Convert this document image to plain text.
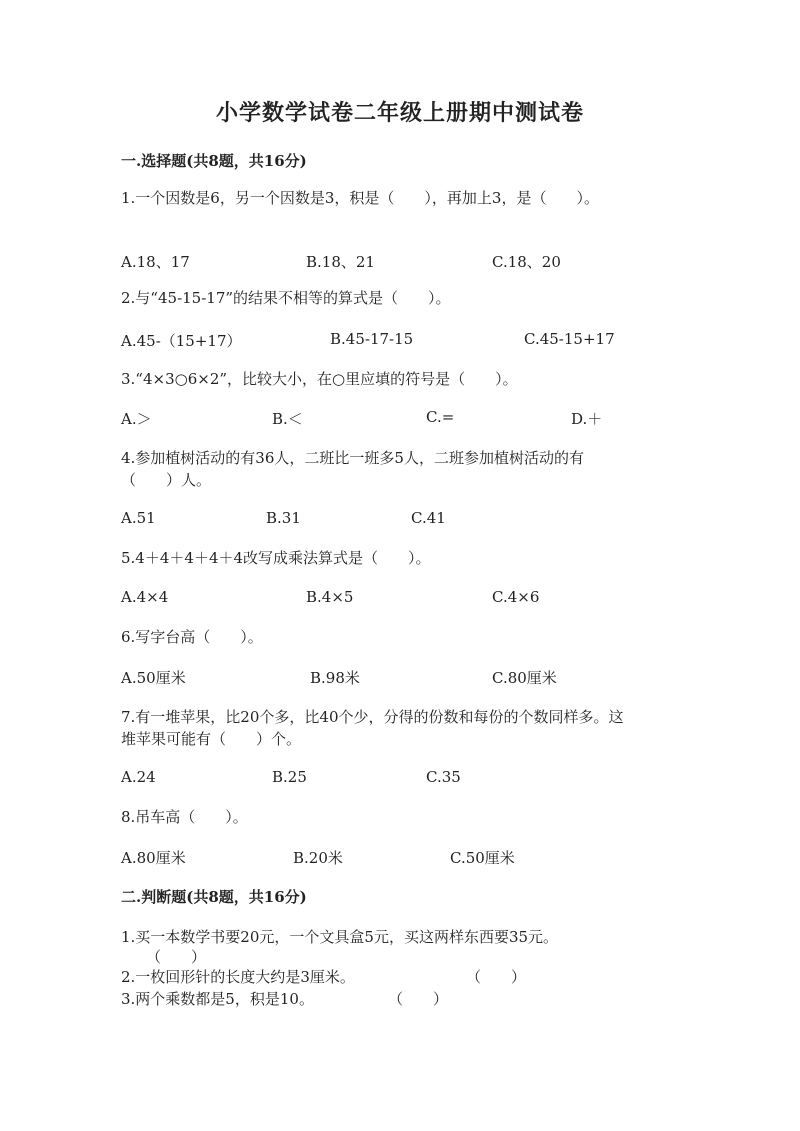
小学数学试卷二年级上册期中测试卷
一.选择题(共8题，共16分)
1.一个因数是6，另一个因数是3，积是（　　），再加上3，是（　　）。
A.18、17	B.18、21	C.18、20
2.与“45-15-17”的结果不相等的算式是（　　）。
A.45-（15+17）	B.45-17-15	C.45-15+17
3.“4×3○6×2”，比较大小，在○里应填的符号是（　　）。
A.＞	B.＜	C.=	D.＋
4.参加植树活动的有36人，二班比一班多5人，二班参加植树活动的有
（　　）人。
A.51	B.31	C.41
5.4＋4＋4＋4＋4改写成乘法算式是（　　）。
A.4×4	B.4×5	C.4×6
6.写字台高（　　）。
A.50厘米	B.98米	C.80厘米
7.有一堆苹果，比20个多，比40个少，分得的份数和每份的个数同样多。这
堆苹果可能有（　　）个。
A.24	B.25	C.35
8.吊车高（　　）。
A.80厘米	B.20米	C.50厘米
二.判断题(共8题，共16分)
1.买一本数学书要20元，一个文具盒5元，买这两样东西要35元。
（　　）
2.一枚回形针的长度大约是3厘米。	（　　）
3.两个乘数都是5，积是10。	（　　）
